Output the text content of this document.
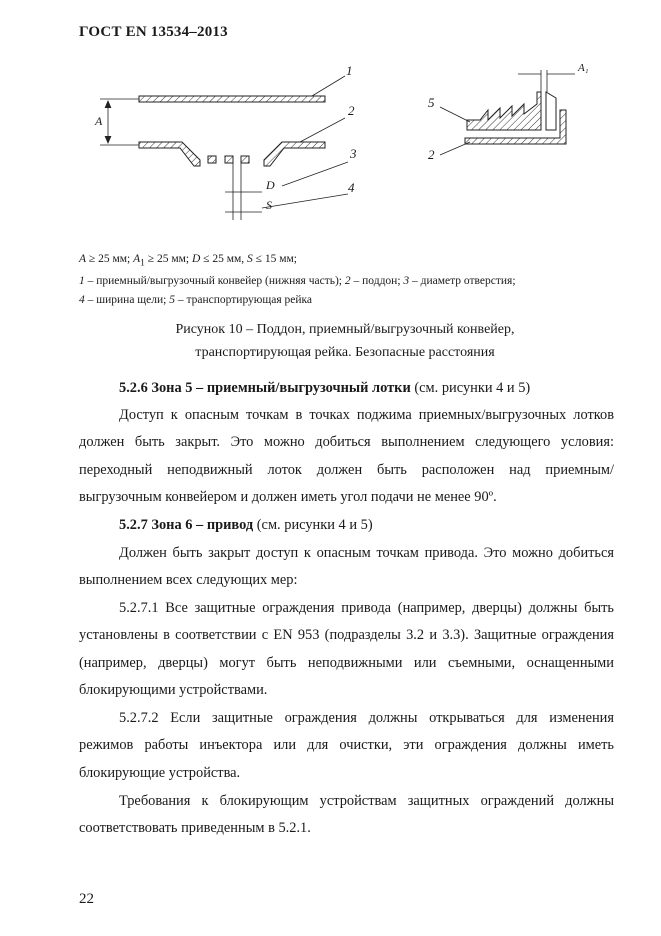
ГОСТ EN 13534–2013
1
2
3
4
A
D
S
A₁
5
2
A ≥ 25 мм; $A_1 \ge 25$ мм; D ≤ 25 мм, S ≤ 15 мм;
1 – приемный/выгрузочный конвейер (нижняя часть); 2 – поддон; 3 – диаметр отверстия;
4 – ширина щели; 5 – транспортирующая рейка
Рисунок 10 – Поддон, приемный/выгрузочный конвейер,
транспортирующая рейка. Безопасные расстояния
5.2.6 Зона 5 – приемный/выгрузочный лотки (см. рисунки 4 и 5)
Доступ к опасным точкам в точках поджима приемных/выгрузочных лотков должен быть закрыт. Это можно добиться выполнением следующего условия: переходный неподвижный лоток должен быть расположен над приемным/выгрузочным конвейером и должен иметь угол подачи не менее 90º.
5.2.7 Зона 6 – привод (см. рисунки 4 и 5)
Должен быть закрыт доступ к опасным точкам привода. Это можно добиться выполнением всех следующих мер:
5.2.7.1 Все защитные ограждения привода (например, дверцы) должны быть установлены в соответствии с EN 953 (подразделы 3.2 и 3.3). Защитные ограждения (например, дверцы) могут быть неподвижными или съемными, оснащенными блокирующими устройствами.
5.2.7.2 Если защитные ограждения должны открываться для изменения режимов работы инъектора или для очистки, эти ограждения должны иметь блокирующие устройства.
Требования к блокирующим устройствам защитных ограждений должны соответствовать приведенным в 5.2.1.
22
